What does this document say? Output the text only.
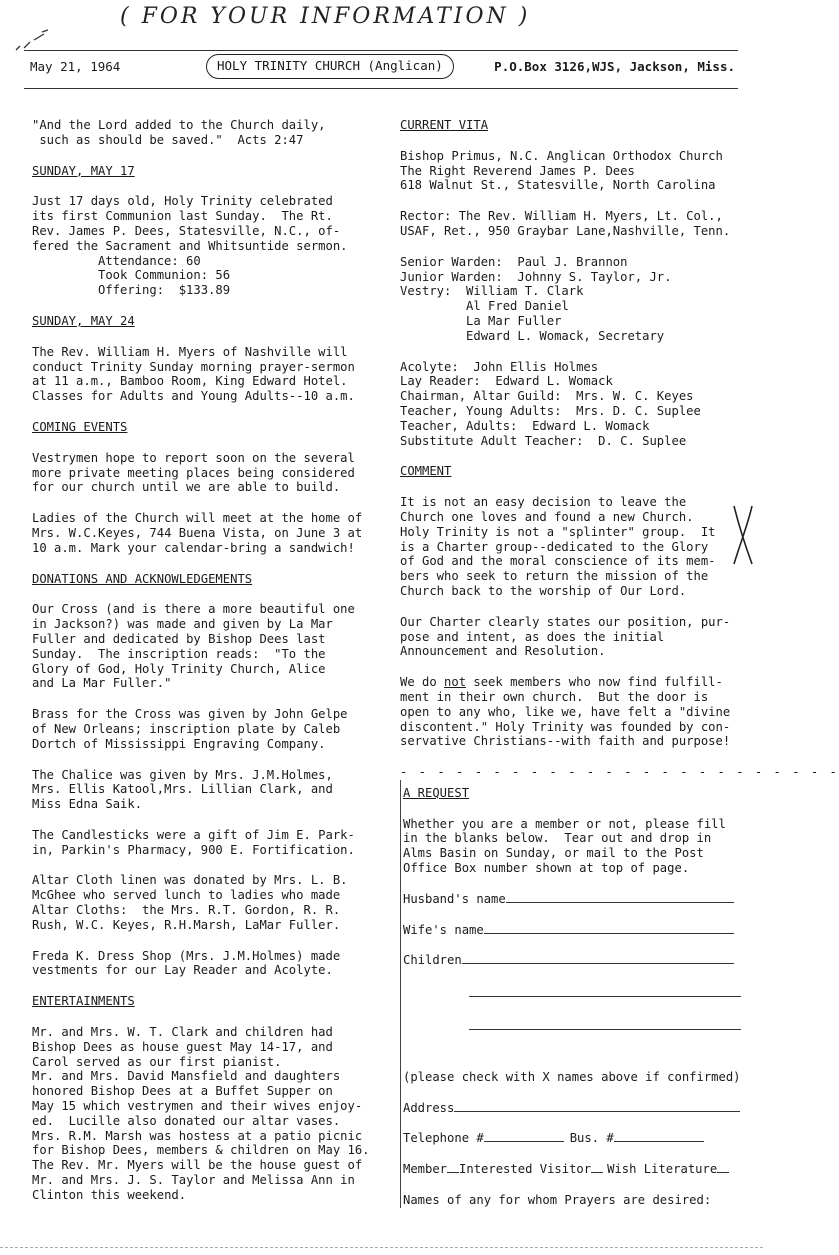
( FOR YOUR INFORMATION )
May 21, 1964	HOLY TRINITY CHURCH (Anglican)	P.O.Box 3126,WJS, Jackson, Miss.

"And the Lord added to the Church daily,

such as should be saved."  Acts 2:47

SUNDAY, MAY 17

Just 17 days old, Holy Trinity celebrated

its first Communion last Sunday.  The Rt.

Rev. James P. Dees, Statesville, N.C., of-

fered the Sacrament and Whitsuntide sermon.

Attendance: 60

Took Communion: 56

Offering:  $133.89

SUNDAY, MAY 24

The Rev. William H. Myers of Nashville will

conduct Trinity Sunday morning prayer-sermon

at 11 a.m., Bamboo Room, King Edward Hotel.

Classes for Adults and Young Adults--10 a.m.

COMING EVENTS

Vestrymen hope to report soon on the several

more private meeting places being considered

for our church until we are able to build.

Ladies of the Church will meet at the home of

Mrs. W.C.Keyes, 744 Buena Vista, on June 3 at

10 a.m. Mark your calendar-bring a sandwich!

DONATIONS AND ACKNOWLEDGEMENTS

Our Cross (and is there a more beautiful one

in Jackson?) was made and given by La Mar

Fuller and dedicated by Bishop Dees last

Sunday.  The inscription reads:  "To the

Glory of God, Holy Trinity Church, Alice

and La Mar Fuller."

Brass for the Cross was given by John Gelpe

of New Orleans; inscription plate by Caleb

Dortch of Mississippi Engraving Company.

The Chalice was given by Mrs. J.M.Holmes,

Mrs. Ellis Katool,Mrs. Lillian Clark, and

Miss Edna Saik.

The Candlesticks were a gift of Jim E. Park-

in, Parkin's Pharmacy, 900 E. Fortification.

Altar Cloth linen was donated by Mrs. L. B.

McGhee who served lunch to ladies who made

Altar Cloths:  the Mrs. R.T. Gordon, R. R.

Rush, W.C. Keyes, R.H.Marsh, LaMar Fuller.

Freda K. Dress Shop (Mrs. J.M.Holmes) made

vestments for our Lay Reader and Acolyte.

ENTERTAINMENTS

Mr. and Mrs. W. T. Clark and children had

Bishop Dees as house guest May 14-17, and

Carol served as our first pianist.

Mr. and Mrs. David Mansfield and daughters

honored Bishop Dees at a Buffet Supper on

May 15 which vestrymen and their wives enjoy-

ed.  Lucille also donated our altar vases.

Mrs. R.M. Marsh was hostess at a patio picnic

for Bishop Dees, members & children on May 16.

The Rev. Mr. Myers will be the house guest of

Mr. and Mrs. J. S. Taylor and Melissa Ann in

Clinton this weekend.

CURRENT VITA

Bishop Primus, N.C. Anglican Orthodox Church

The Right Reverend James P. Dees

618 Walnut St., Statesville, North Carolina

Rector: The Rev. William H. Myers, Lt. Col.,

USAF, Ret., 950 Graybar Lane,Nashville, Tenn.

Senior Warden:  Paul J. Brannon

Junior Warden:  Johnny S. Taylor, Jr.

Vestry:  William T. Clark

Al Fred Daniel

La Mar Fuller

Edward L. Womack, Secretary

Acolyte:  John Ellis Holmes

Lay Reader:  Edward L. Womack

Chairman, Altar Guild:  Mrs. W. C. Keyes

Teacher, Young Adults:  Mrs. D. C. Suplee

Teacher, Adults:  Edward L. Womack

Substitute Adult Teacher:  D. C. Suplee

COMMENT

It is not an easy decision to leave the

Church one loves and found a new Church.

Holy Trinity is not a "splinter" group.  It

is a Charter group--dedicated to the Glory

of God and the moral conscience of its mem-

bers who seek to return the mission of the

Church back to the worship of Our Lord.

Our Charter clearly states our position, pur-

pose and intent, as does the initial

Announcement and Resolution.

We do not seek members who now find fulfill-

ment in their own church.  But the door is

open to any who, like we, have felt a "divine

discontent." Holy Trinity was founded by con-

servative Christians--with faith and purpose!

- - - - - - - - - - - - - - - - - - - - - - - -

A REQUEST

Whether you are a member or not, please fill

in the blanks below.  Tear out and drop in

Alms Basin on Sunday, or mail to the Post

Office Box number shown at top of page.

Husband's name

Wife's name

Children

(please check with X names above if confirmed)

Address

Telephone #	Bus. #

Member Interested Visitor Wish Literature

Names of any for whom Prayers are desired:
